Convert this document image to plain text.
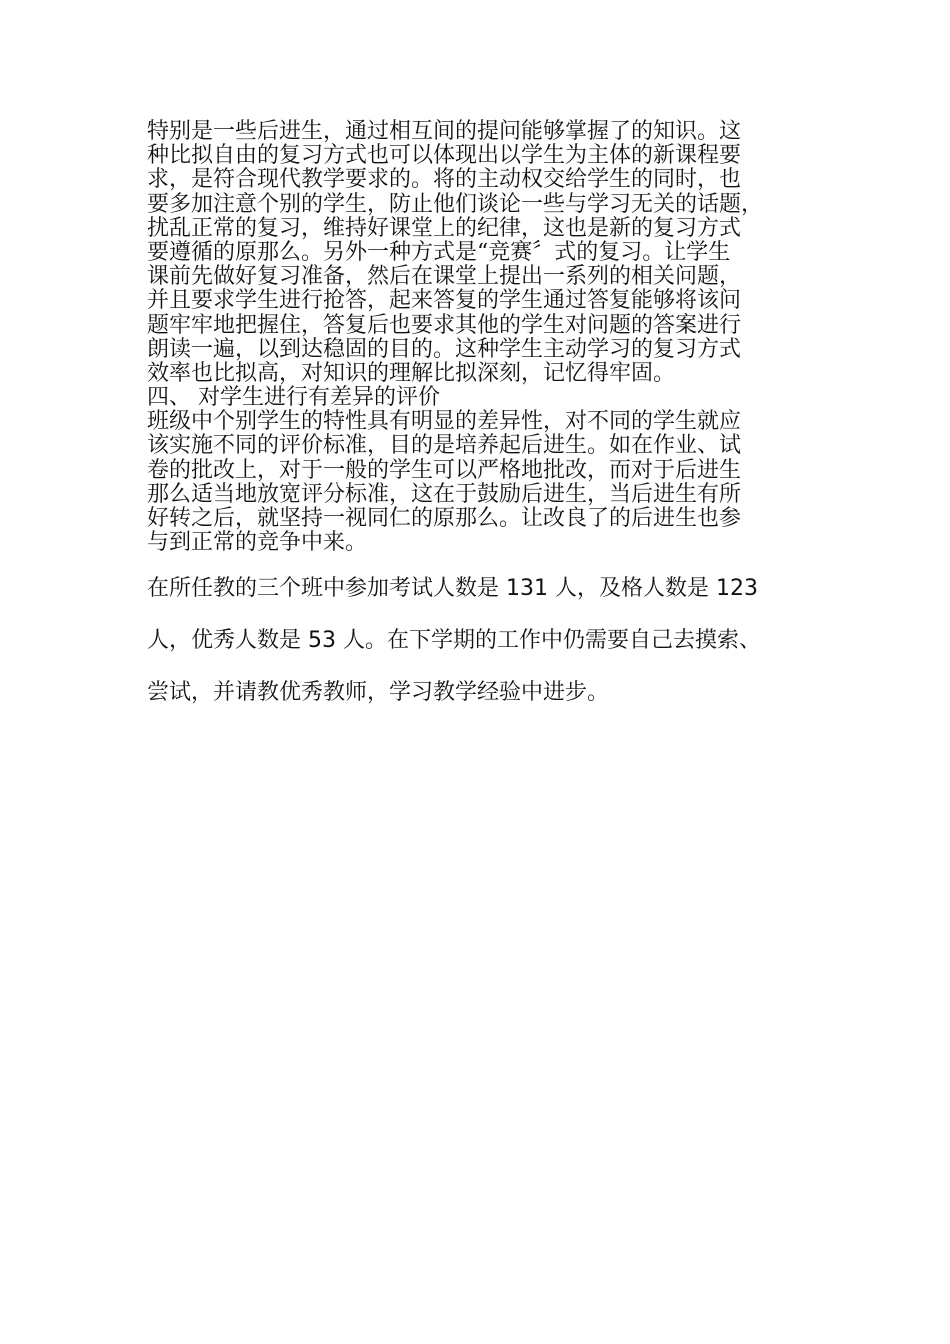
特别是一些后进生，通过相互间的提问能够掌握了的知识。这
种比拟自由的复习方式也可以体现出以学生为主体的新课程要
求，是符合现代教学要求的。将的主动权交给学生的同时，也
要多加注意个别的学生，防止他们谈论一些与学习无关的话题，
扰乱正常的复习，维持好课堂上的纪律，这也是新的复习方式
要遵循的原那么。另外一种方式是“竞赛〞式的复习。让学生
课前先做好复习准备，然后在课堂上提出一系列的相关问题，
并且要求学生进行抢答，起来答复的学生通过答复能够将该问
题牢牢地把握住，答复后也要求其他的学生对问题的答案进行
朗读一遍，以到达稳固的目的。这种学生主动学习的复习方式
效率也比拟高，对知识的理解比拟深刻，记忆得牢固。
四、 对学生进行有差异的评价
班级中个别学生的特性具有明显的差异性，对不同的学生就应
该实施不同的评价标准，目的是培养起后进生。如在作业、试
卷的批改上，对于一般的学生可以严格地批改，而对于后进生
那么适当地放宽评分标准，这在于鼓励后进生，当后进生有所
好转之后，就坚持一视同仁的原那么。让改良了的后进生也参
与到正常的竞争中来。
在所任教的三个班中参加考试人数是 131 人，及格人数是 123
人，优秀人数是 53 人。在下学期的工作中仍需要自己去摸索、
尝试，并请教优秀教师，学习教学经验中进步。
